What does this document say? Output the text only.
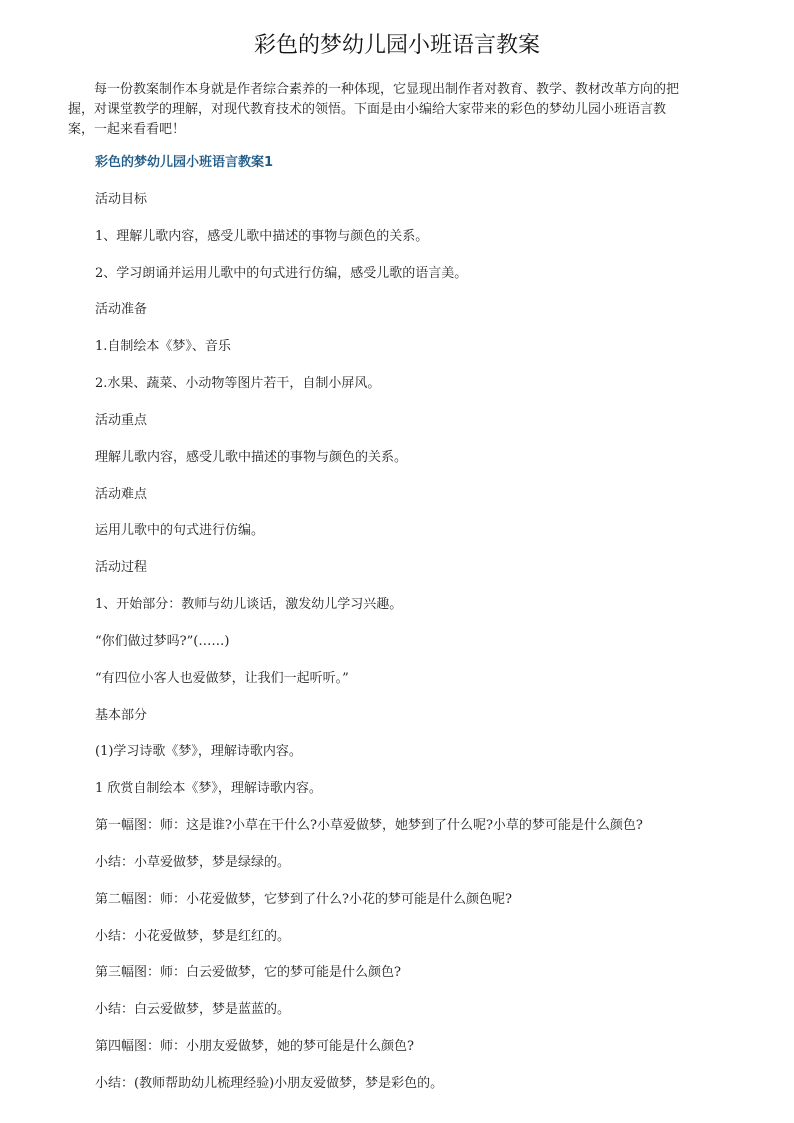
彩色的梦幼儿园小班语言教案
每一份教案制作本身就是作者综合素养的一种体现，它显现出制作者对教育、教学、教材改革方向的把
握，对课堂教学的理解，对现代教育技术的领悟。下面是由小编给大家带来的彩色的梦幼儿园小班语言教
案，一起来看看吧！
彩色的梦幼儿园小班语言教案1
活动目标
1、理解儿歌内容，感受儿歌中描述的事物与颜色的关系。
2、学习朗诵并运用儿歌中的句式进行仿编，感受儿歌的语言美。
活动准备
1.自制绘本《梦》、音乐
2.水果、蔬菜、小动物等图片若干，自制小屏风。
活动重点
理解儿歌内容，感受儿歌中描述的事物与颜色的关系。
活动难点
运用儿歌中的句式进行仿编。
活动过程
1、开始部分：教师与幼儿谈话，激发幼儿学习兴趣。
“你们做过梦吗?”(……)
“有四位小客人也爱做梦，让我们一起听听。”
基本部分
(1)学习诗歌《梦》，理解诗歌内容。
1 欣赏自制绘本《梦》，理解诗歌内容。
第一幅图：师：这是谁?小草在干什么?小草爱做梦，她梦到了什么呢?小草的梦可能是什么颜色?
小结：小草爱做梦，梦是绿绿的。
第二幅图：师：小花爱做梦，它梦到了什么?小花的梦可能是什么颜色呢?
小结：小花爱做梦，梦是红红的。
第三幅图：师：白云爱做梦，它的梦可能是什么颜色?
小结：白云爱做梦，梦是蓝蓝的。
第四幅图：师：小朋友爱做梦，她的梦可能是什么颜色?
小结：(教师帮助幼儿梳理经验)小朋友爱做梦，梦是彩色的。
